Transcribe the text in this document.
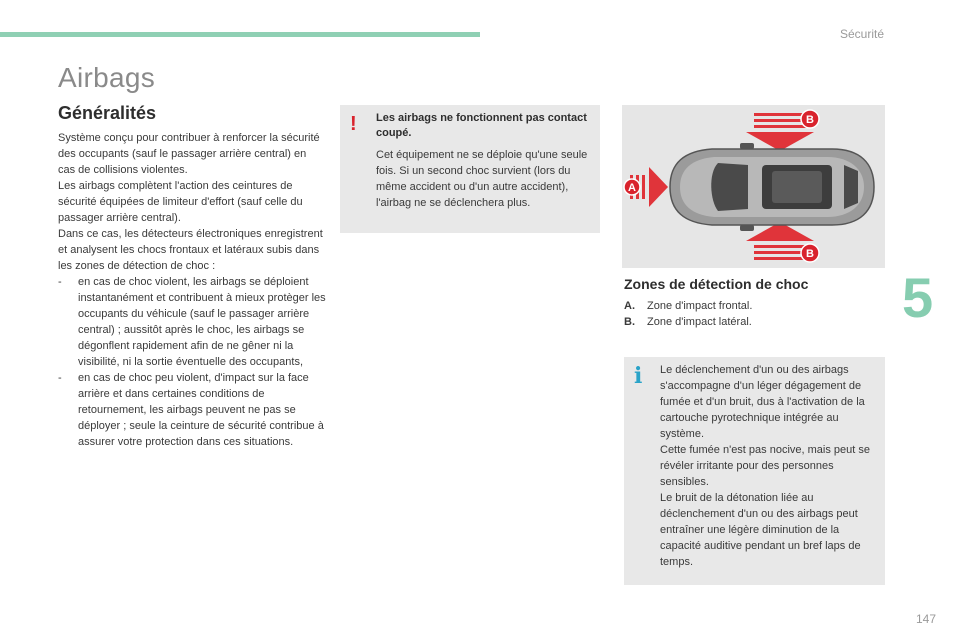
Sécurité
5
147
Airbags
Généralités

Système conçu pour contribuer à renforcer la sécurité des occupants (sauf le passager arrière central) en cas de collisions violentes.

Les airbags complètent l'action des ceintures de sécurité équipées de limiteur d'effort (sauf celle du passager arrière central).

Dans ce cas, les détecteurs électroniques enregistrent et analysent les chocs frontaux et latéraux subis dans les zones de détection de choc :

-	en cas de choc violent, les airbags se déploient instantanément et contribuent à mieux protèger les occupants du véhicule (sauf le passager arrière central) ; aussitôt après le choc, les airbags se dégonflent rapidement afin de ne gêner ni la visibilité, ni la sortie éventuelle des occupants,
-	en cas de choc peu violent, d'impact sur la face arrière et dans certaines conditions de retournement, les airbags peuvent ne pas se déployer ; seule la ceinture de sécurité contribue à assurer votre protection dans ces situations.
! Les airbags ne fonctionnent pas contact coupé.
Cet équipement ne se déploie qu'une seule fois. Si un second choc survient (lors du même accident ou d'un autre accident), l'airbag ne se déclenchera plus.
A
B
B
Zones de détection de choc
A. Zone d'impact frontal.
B. Zone d'impact latéral.
i Le déclenchement d'un ou des airbags s'accompagne d'un léger dégagement de fumée et d'un bruit, dus à l'activation de la cartouche pyrotechnique intégrée au système.

Cette fumée n'est pas nocive, mais peut se révéler irritante pour des personnes sensibles.

Le bruit de la détonation liée au déclenchement d'un ou des airbags peut entraîner une légère diminution de la capacité auditive pendant un bref laps de temps.
